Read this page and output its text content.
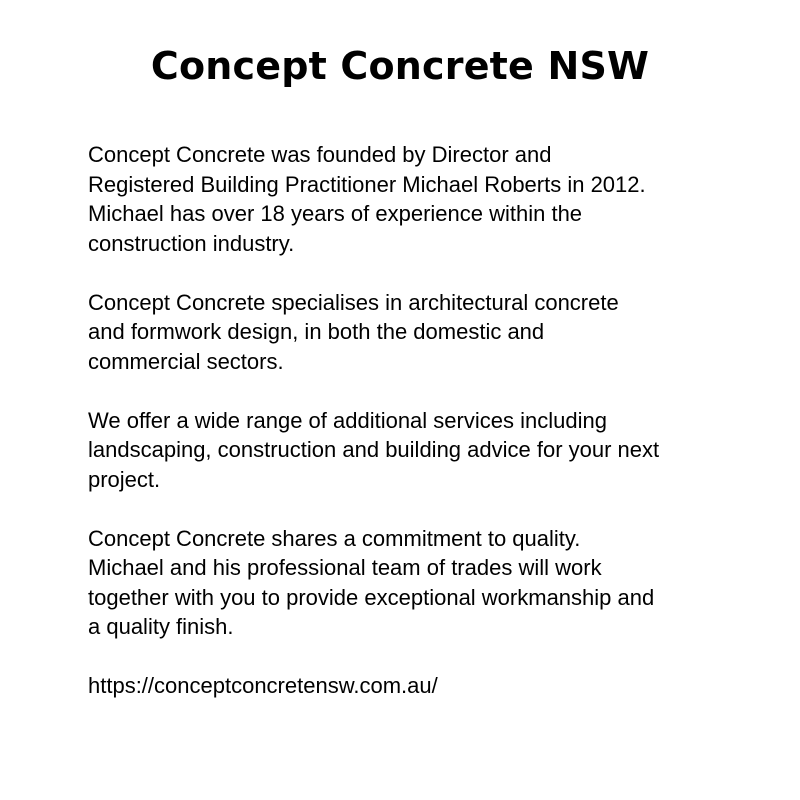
Concept Concrete NSW

Concept Concrete was founded by Director and
Registered Building Practitioner Michael Roberts in 2012.
Michael has over 18 years of experience within the
construction industry.

Concept Concrete specialises in architectural concrete
and formwork design, in both the domestic and
commercial sectors.

We offer a wide range of additional services including
landscaping, construction and building advice for your next
project.

Concept Concrete shares a commitment to quality.
Michael and his professional team of trades will work
together with you to provide exceptional workmanship and
a quality finish.

https://conceptconcretensw.com.au/
